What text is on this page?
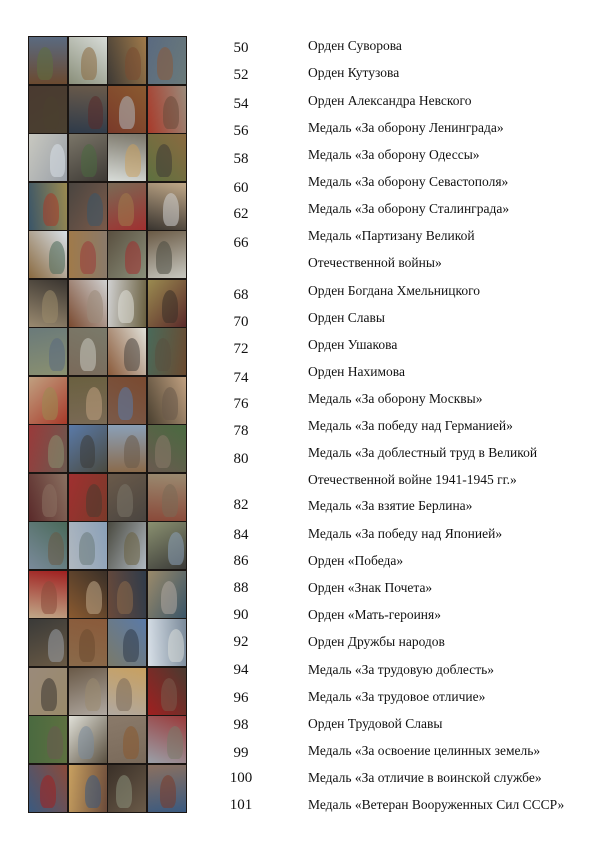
50	Орден Суворова
52	Орден Кутузова
54	Орден Александра Невского
56	Медаль «За оборону Ленинграда»
58	Медаль «За оборону Одессы»
60	Медаль «За оборону Севастополя»
62	Медаль «За оборону Сталинграда»
66	Медаль «Партизану Великой
Отечественной войны»
68	Орден Богдана Хмельницкого
70	Орден Славы
72	Орден Ушакова
74	Орден Нахимова
76	Медаль «За оборону Москвы»
78	Медаль «За победу над Германией»
80	Медаль «За доблестный труд в Великой
Отечественной войне 1941-1945 гг.»
82	Медаль «За взятие Берлина»
84	Медаль «За победу над Японией»
86	Орден «Победа»
88	Орден «Знак Почета»
90	Орден «Мать-героиня»
92	Орден Дружбы народов
94	Медаль «За трудовую доблесть»
96	Медаль «За трудовое отличие»
98	Орден Трудовой Славы
99	Медаль «За освоение целинных земель»
100	Медаль «За отличие в воинской службе»
101	Медаль «Ветеран Вооруженных Сил СССР»
